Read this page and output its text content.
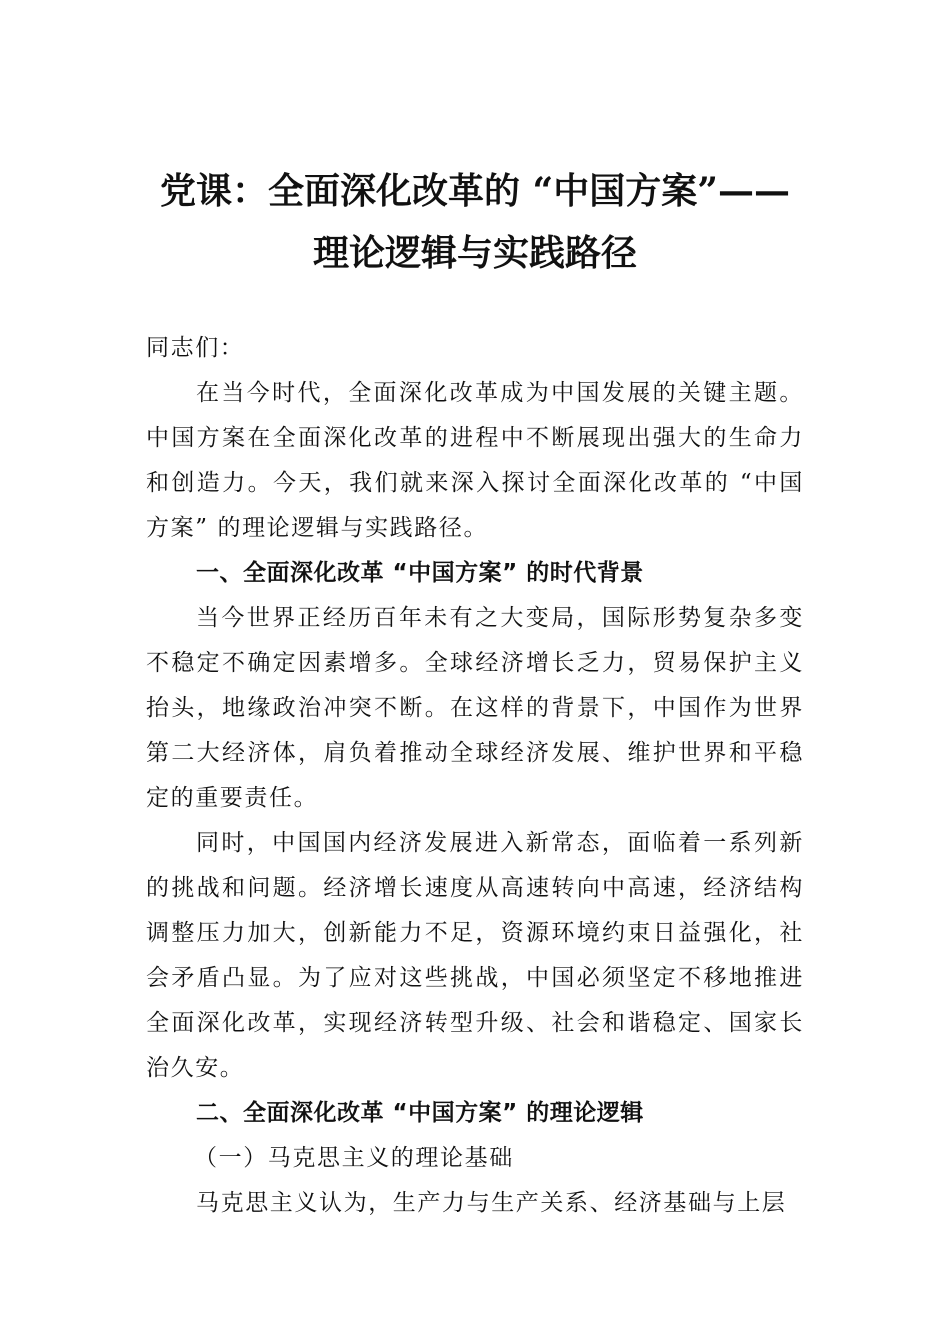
党课：全面深化改革的 “中国方案”——
理论逻辑与实践路径

同志们：

在当今时代，全面深化改革成为中国发展的关键主题。中国方案在全面深化改革的进程中不断展现出强大的生命力和创造力。今天，我们就来深入探讨全面深化改革的 “中国方案” 的理论逻辑与实践路径。

一、全面深化改革 “中国方案” 的时代背景

当今世界正经历百年未有之大变局，国际形势复杂多变不稳定不确定因素增多。全球经济增长乏力，贸易保护主义抬头，地缘政治冲突不断。在这样的背景下，中国作为世界第二大经济体，肩负着推动全球经济发展、维护世界和平稳定的重要责任。

同时，中国国内经济发展进入新常态，面临着一系列新的挑战和问题。经济增长速度从高速转向中高速，经济结构调整压力加大，创新能力不足，资源环境约束日益强化，社会矛盾凸显。为了应对这些挑战，中国必须坚定不移地推进全面深化改革，实现经济转型升级、社会和谐稳定、国家长治久安。

二、全面深化改革 “中国方案” 的理论逻辑

（一）马克思主义的理论基础

马克思主义认为，生产力与生产关系、经济基础与上层
